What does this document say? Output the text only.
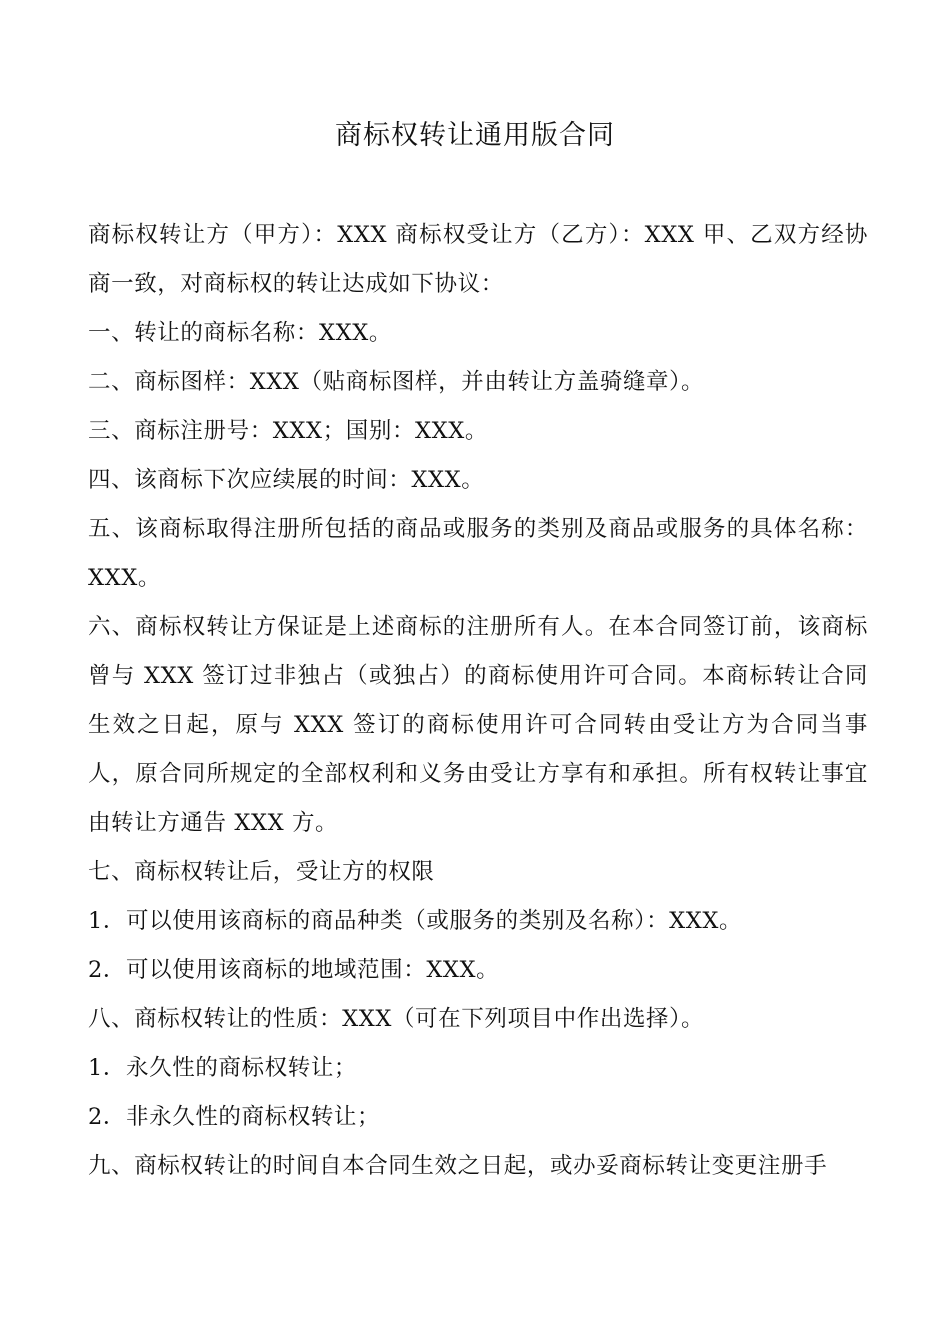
商标权转让通用版合同

商标权转让方（甲方）：XXX 商标权受让方（乙方）：XXX 甲、乙双方经协商一致，对商标权的转让达成如下协议：

一、转让的商标名称：XXX。

二、商标图样：XXX（贴商标图样，并由转让方盖骑缝章）。

三、商标注册号：XXX；国别：XXX。

四、该商标下次应续展的时间：XXX。

五、该商标取得注册所包括的商品或服务的类别及商品或服务的具体名称：XXX。

六、商标权转让方保证是上述商标的注册所有人。在本合同签订前，该商标曾与 XXX 签订过非独占（或独占）的商标使用许可合同。本商标转让合同生效之日起，原与 XXX 签订的商标使用许可合同转由受让方为合同当事人，原合同所规定的全部权利和义务由受让方享有和承担。所有权转让事宜由转让方通告 XXX 方。

七、商标权转让后，受让方的权限

1．可以使用该商标的商品种类（或服务的类别及名称）：XXX。

2．可以使用该商标的地域范围：XXX。

八、商标权转让的性质：XXX（可在下列项目中作出选择）。

1．永久性的商标权转让；

2．非永久性的商标权转让；

九、商标权转让的时间自本合同生效之日起，或办妥商标转让变更注册手
